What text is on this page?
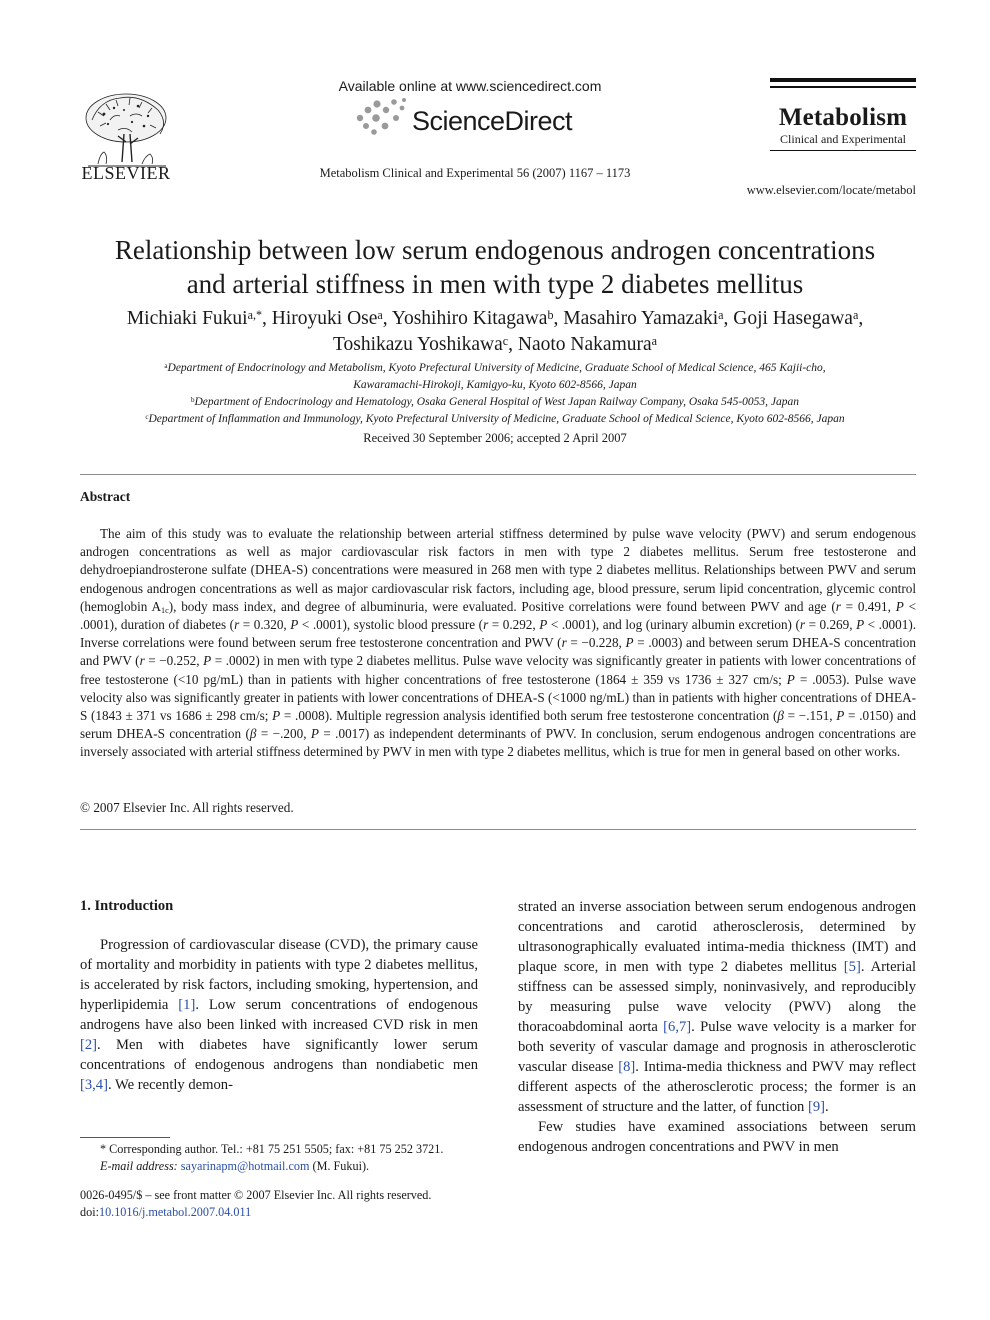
ELSEVIER
Available online at www.sciencedirect.com
ScienceDirect
Metabolism Clinical and Experimental 56 (2007) 1167 – 1173
Metabolism
Clinical and Experimental
www.elsevier.com/locate/metabol
Relationship between low serum endogenous androgen concentrations
and arterial stiffness in men with type 2 diabetes mellitus
Michiaki Fukui$^{a,*}$, Hiroyuki Ose$^a$, Yoshihiro Kitagawa$^b$, Masahiro Yamazaki$^a$, Goji Hasegawa$^a$,
Toshikazu Yoshikawa$^c$, Naoto Nakamura$^a$
$^a$Department of Endocrinology and Metabolism, Kyoto Prefectural University of Medicine, Graduate School of Medical Science, 465 Kajii-cho,
Kawaramachi-Hirokoji, Kamigyo-ku, Kyoto 602-8566, Japan
$^b$Department of Endocrinology and Hematology, Osaka General Hospital of West Japan Railway Company, Osaka 545-0053, Japan
$^c$Department of Inflammation and Immunology, Kyoto Prefectural University of Medicine, Graduate School of Medical Science, Kyoto 602-8566, Japan
Received 30 September 2006; accepted 2 April 2007
Abstract

The aim of this study was to evaluate the relationship between arterial stiffness determined by pulse wave velocity (PWV) and serum endogenous androgen concentrations as well as major cardiovascular risk factors in men with type 2 diabetes mellitus. Serum free testosterone and dehydroepiandrosterone sulfate (DHEA-S) concentrations were measured in 268 men with type 2 diabetes mellitus. Relationships between PWV and serum endogenous androgen concentrations as well as major cardiovascular risk factors, including age, blood pressure, serum lipid concentration, glycemic control (hemoglobin $A_{1c}$), body mass index, and degree of albuminuria, were evaluated. Positive correlations were found between PWV and age (r = 0.491, P < .0001), duration of diabetes (r = 0.320, P < .0001), systolic blood pressure (r = 0.292, P < .0001), and log (urinary albumin excretion) (r = 0.269, P < .0001). Inverse correlations were found between serum free testosterone concentration and PWV (r = −0.228, P = .0003) and between serum DHEA-S concentration and PWV (r = −0.252, P = .0002) in men with type 2 diabetes mellitus. Pulse wave velocity was significantly greater in patients with lower concentrations of free testosterone (<10 pg/mL) than in patients with higher concentrations of free testosterone (1864 ± 359 vs 1736 ± 327 cm/s; P = .0053). Pulse wave velocity also was significantly greater in patients with lower concentrations of DHEA-S (<1000 ng/mL) than in patients with higher concentrations of DHEA-S (1843 ± 371 vs 1686 ± 298 cm/s; P = .0008). Multiple regression analysis identified both serum free testosterone concentration (β = −.151, P = .0150) and serum DHEA-S concentration (β = −.200, P = .0017) as independent determinants of PWV. In conclusion, serum endogenous androgen concentrations are inversely associated with arterial stiffness determined by PWV in men with type 2 diabetes mellitus, which is true for men in general based on other works.

© 2007 Elsevier Inc. All rights reserved.
1. Introduction

Progression of cardiovascular disease (CVD), the primary cause of mortality and morbidity in patients with type 2 diabetes mellitus, is accelerated by risk factors, including smoking, hypertension, and hyperlipidemia [1]. Low serum concentrations of endogenous androgens have also been linked with increased CVD risk in men [2]. Men with diabetes have significantly lower serum concentrations of endogenous androgens than nondiabetic men [3,4]. We recently demon-

strated an inverse association between serum endogenous androgen concentrations and carotid atherosclerosis, determined by ultrasonographically evaluated intima-media thickness (IMT) and plaque score, in men with type 2 diabetes mellitus [5]. Arterial stiffness can be assessed simply, noninvasively, and reproducibly by measuring pulse wave velocity (PWV) along the thoracoabdominal aorta [6,7]. Pulse wave velocity is a marker for both severity of vascular damage and prognosis in atherosclerotic vascular disease [8]. Intima-media thickness and PWV may reflect different aspects of the atherosclerotic process; the former is an assessment of structure and the latter, of function [9].

Few studies have examined associations between serum endogenous androgen concentrations and PWV in men

* Corresponding author. Tel.: +81 75 251 5505; fax: +81 75 252 3721.
E-mail address: sayarinapm@hotmail.com (M. Fukui).
0026-0495/$ – see front matter © 2007 Elsevier Inc. All rights reserved.
doi:10.1016/j.metabol.2007.04.011
